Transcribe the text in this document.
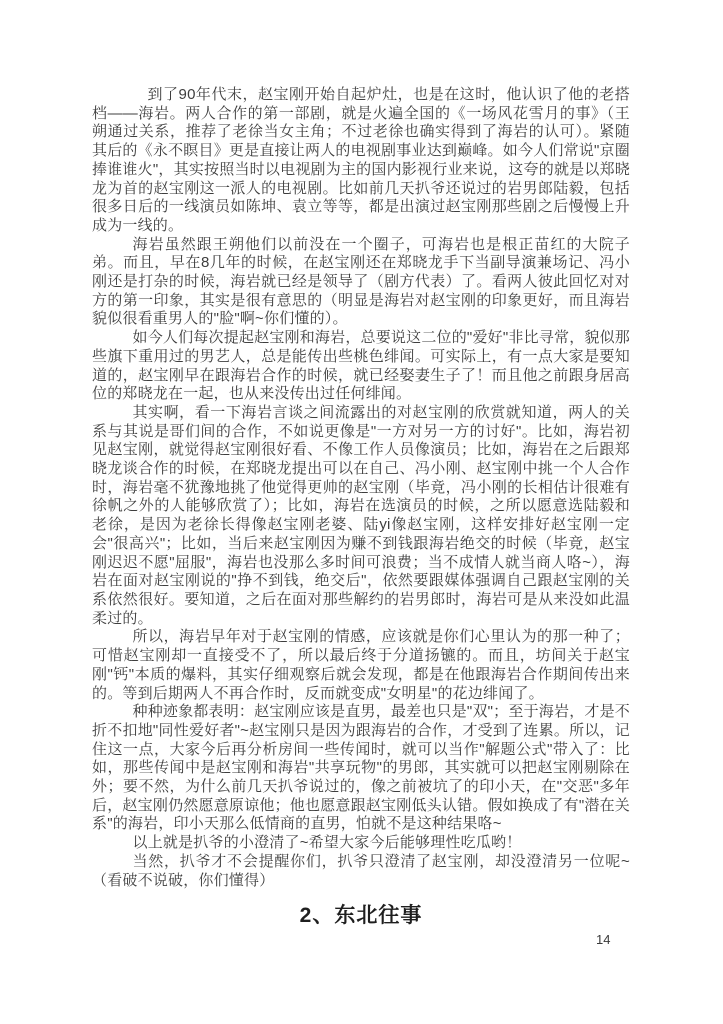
到了90年代末，赵宝刚开始自起炉灶，也是在这时，他认识了他的老搭档——海岩。两人合作的第一部剧，就是火遍全国的《一场风花雪月的事》（王朔通过关系，推荐了老徐当女主角；不过老徐也确实得到了海岩的认可）。紧随其后的《永不瞑目》更是直接让两人的电视剧事业达到巅峰。如今人们常说"京圈捧谁谁火"，其实按照当时以电视剧为主的国内影视行业来说，这夸的就是以郑晓龙为首的赵宝刚这一派人的电视剧。比如前几天扒爷还说过的岩男郎陆毅，包括很多日后的一线演员如陈坤、袁立等等，都是出演过赵宝刚那些剧之后慢慢上升成为一线的。

海岩虽然跟王朔他们以前没在一个圈子，可海岩也是根正苗红的大院子弟。而且，早在8几年的时候，在赵宝刚还在郑晓龙手下当副导演兼场记、冯小刚还是打杂的时候，海岩就已经是领导了（剧方代表）了。看两人彼此回忆对对方的第一印象，其实是很有意思的（明显是海岩对赵宝刚的印象更好，而且海岩貌似很看重男人的"脸"啊~你们懂的）。

如今人们每次提起赵宝刚和海岩，总要说这二位的"爱好"非比寻常，貌似那些旗下重用过的男艺人，总是能传出些桃色绯闻。可实际上，有一点大家是要知道的，赵宝刚早在跟海岩合作的时候，就已经娶妻生子了！而且他之前跟身居高位的郑晓龙在一起，也从来没传出过任何绯闻。

其实啊，看一下海岩言谈之间流露出的对赵宝刚的欣赏就知道，两人的关系与其说是哥们间的合作，不如说更像是"一方对另一方的讨好"。比如，海岩初见赵宝刚，就觉得赵宝刚很好看、不像工作人员像演员；比如，海岩在之后跟郑晓龙谈合作的时候，在郑晓龙提出可以在自己、冯小刚、赵宝刚中挑一个人合作时，海岩毫不犹豫地挑了他觉得更帅的赵宝刚（毕竟，冯小刚的长相估计很难有徐帆之外的人能够欣赏了）；比如，海岩在选演员的时候，之所以愿意选陆毅和老徐，是因为老徐长得像赵宝刚老婆、陆yi像赵宝刚，这样安排好赵宝刚一定会"很高兴"；比如，当后来赵宝刚因为赚不到钱跟海岩绝交的时候（毕竟，赵宝刚迟迟不愿"屈服"，海岩也没那么多时间可浪费；当不成情人就当商人咯~），海岩在面对赵宝刚说的"挣不到钱，绝交后"，依然要跟媒体强调自己跟赵宝刚的关系依然很好。要知道，之后在面对那些解约的岩男郎时，海岩可是从来没如此温柔过的。

所以，海岩早年对于赵宝刚的情感，应该就是你们心里认为的那一种了；可惜赵宝刚却一直接受不了，所以最后终于分道扬镳的。而且，坊间关于赵宝刚"钙"本质的爆料，其实仔细观察后就会发现，都是在他跟海岩合作期间传出来的。等到后期两人不再合作时，反而就变成"女明星"的花边绯闻了。

种种迹象都表明：赵宝刚应该是直男，最差也只是"双"；至于海岩，才是不折不扣地"同性爱好者"~赵宝刚只是因为跟海岩的合作，才受到了连累。所以，记住这一点，大家今后再分析房间一些传闻时，就可以当作"解题公式"带入了：比如，那些传闻中是赵宝刚和海岩"共享玩物"的男郎，其实就可以把赵宝刚剔除在外；要不然，为什么前几天扒爷说过的，像之前被坑了的印小天，在"交恶"多年后，赵宝刚仍然愿意原谅他；他也愿意跟赵宝刚低头认错。假如换成了有"潜在关系"的海岩，印小天那么低情商的直男，怕就不是这种结果咯~

以上就是扒爷的小澄清了~希望大家今后能够理性吃瓜哟！

当然，扒爷才不会提醒你们，扒爷只澄清了赵宝刚，却没澄清另一位呢~（看破不说破，你们懂得）

2、东北往事
14
